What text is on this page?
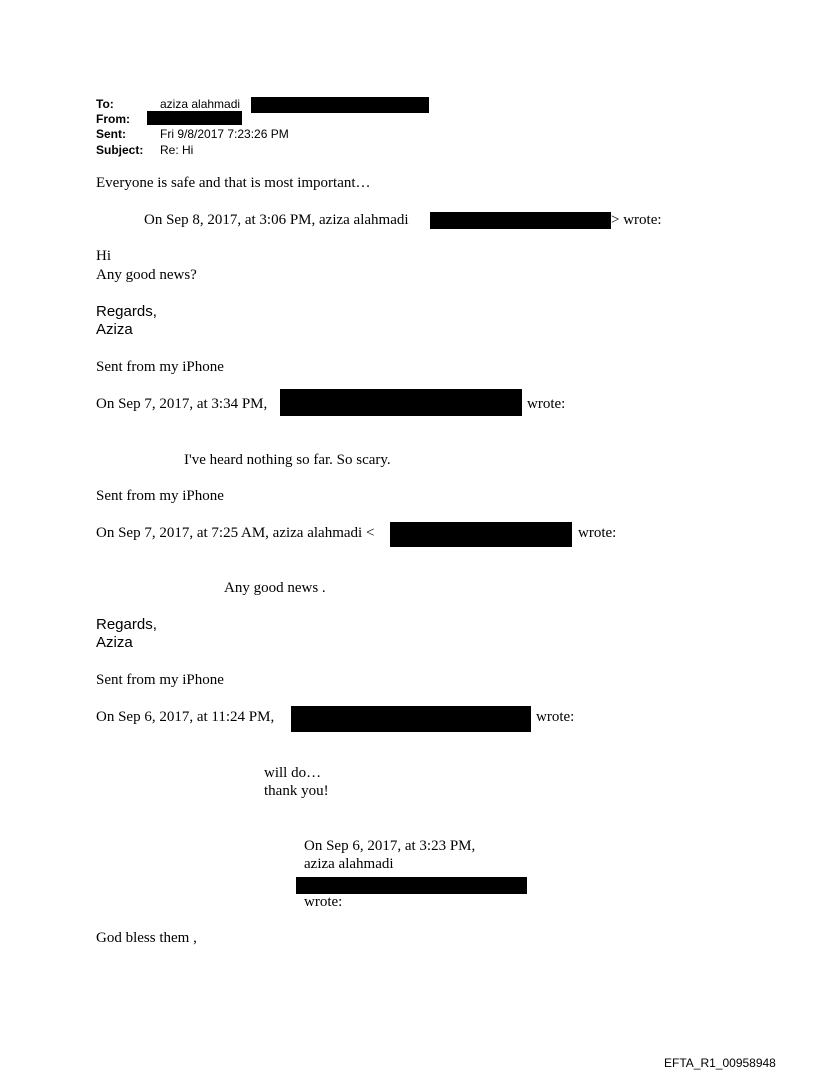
To:	aziza alahmadi
From:
Sent:	Fri 9/8/2017 7:23:26 PM
Subject: Re: Hi
Everyone is safe and that is most important…
On Sep 8, 2017, at 3:06 PM, aziza alahmadi	> wrote:
Hi
Any good news?
Regards,
Aziza
Sent from my iPhone
On Sep 7, 2017, at 3:34 PM,	wrote:
I've heard nothing so far. So scary.
Sent from my iPhone
On Sep 7, 2017, at 7:25 AM, aziza alahmadi <	wrote:
Any good news .
Regards,
Aziza
Sent from my iPhone
On Sep 6, 2017, at 11:24 PM,	wrote:
will do…
thank you!
On Sep 6, 2017, at 3:23 PM,
aziza alahmadi
wrote:
God bless them ,
EFTA_R1_00958948
